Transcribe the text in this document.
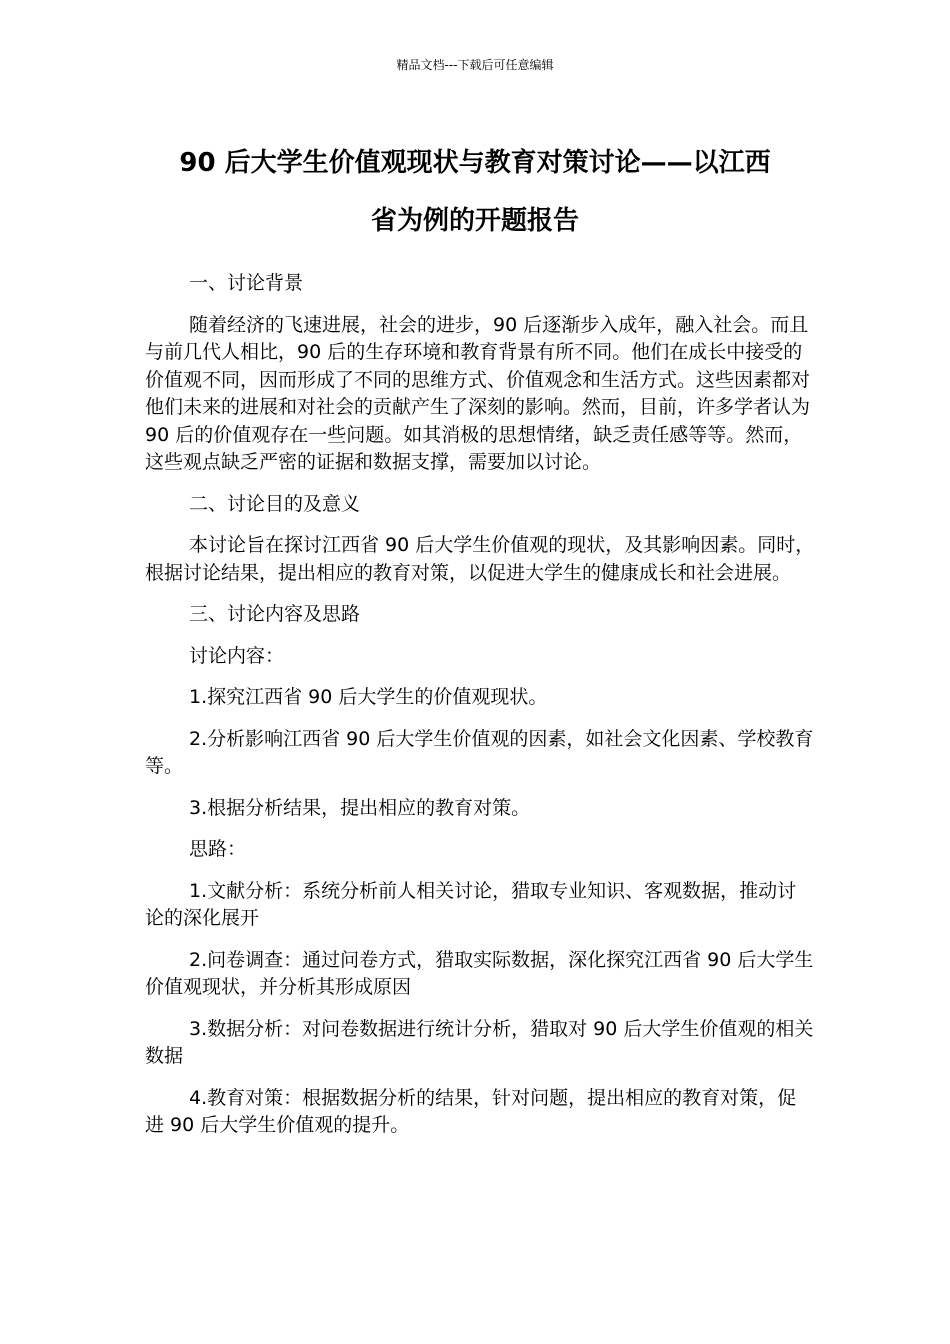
精品文档---下载后可任意编辑
90 后大学生价值观现状与教育对策讨论——以江西
省为例的开题报告
一、讨论背景
随着经济的飞速进展，社会的进步，90 后逐渐步入成年，融入社会。而且与前几代人相比，90 后的生存环境和教育背景有所不同。他们在成长中接受的价值观不同，因而形成了不同的思维方式、价值观念和生活方式。这些因素都对他们未来的进展和对社会的贡献产生了深刻的影响。然而，目前，许多学者认为 90 后的价值观存在一些问题。如其消极的思想情绪，缺乏责任感等等。然而，这些观点缺乏严密的证据和数据支撑，需要加以讨论。
二、讨论目的及意义
本讨论旨在探讨江西省 90 后大学生价值观的现状，及其影响因素。同时，根据讨论结果，提出相应的教育对策，以促进大学生的健康成长和社会进展。
三、讨论内容及思路
讨论内容：
1.探究江西省 90 后大学生的价值观现状。
2.分析影响江西省 90 后大学生价值观的因素，如社会文化因素、学校教育等。
3.根据分析结果，提出相应的教育对策。
思路：
1.文献分析：系统分析前人相关讨论，猎取专业知识、客观数据，推动讨论的深化展开
2.问卷调查：通过问卷方式，猎取实际数据，深化探究江西省 90 后大学生价值观现状，并分析其形成原因
3.数据分析：对问卷数据进行统计分析，猎取对 90 后大学生价值观的相关数据
4.教育对策：根据数据分析的结果，针对问题，提出相应的教育对策，促进 90 后大学生价值观的提升。
